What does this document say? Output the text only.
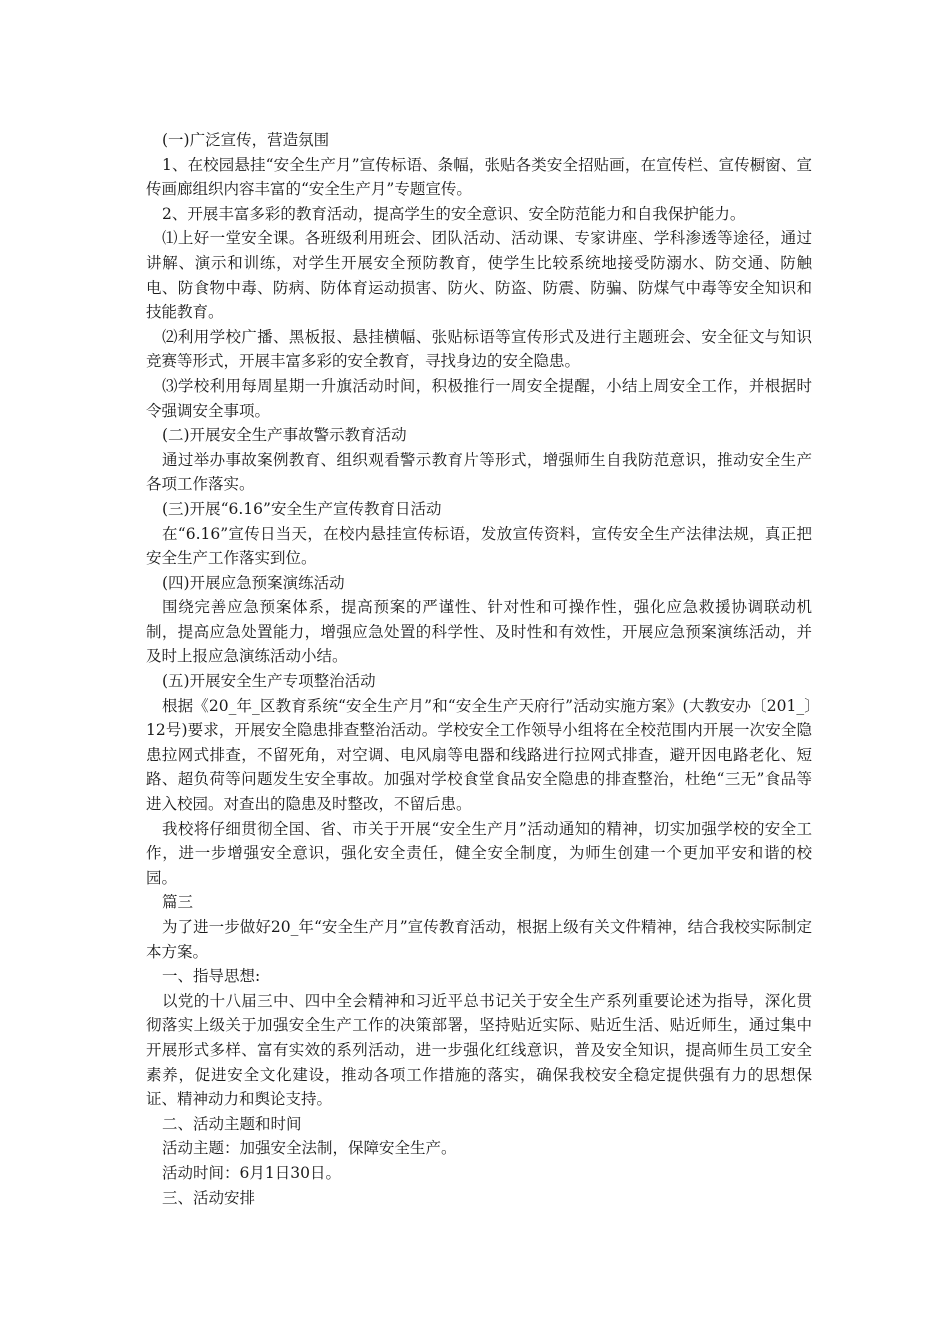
(一)广泛宣传，营造氛围

1、在校园悬挂“安全生产月”宣传标语、条幅，张贴各类安全招贴画，在宣传栏、宣传橱窗、宣传画廊组织内容丰富的“安全生产月”专题宣传。

2、开展丰富多彩的教育活动，提高学生的安全意识、安全防范能力和自我保护能力。

⑴上好一堂安全课。各班级利用班会、团队活动、活动课、专家讲座、学科渗透等途径，通过讲解、演示和训练，对学生开展安全预防教育，使学生比较系统地接受防溺水、防交通、防触电、防食物中毒、防病、防体育运动损害、防火、防盗、防震、防骗、防煤气中毒等安全知识和技能教育。

⑵利用学校广播、黑板报、悬挂横幅、张贴标语等宣传形式及进行主题班会、安全征文与知识竞赛等形式，开展丰富多彩的安全教育，寻找身边的安全隐患。

⑶学校利用每周星期一升旗活动时间，积极推行一周安全提醒，小结上周安全工作，并根据时令强调安全事项。

(二)开展安全生产事故警示教育活动

通过举办事故案例教育、组织观看警示教育片等形式，增强师生自我防范意识，推动安全生产各项工作落实。

(三)开展“6.16”安全生产宣传教育日活动

在“6.16”宣传日当天，在校内悬挂宣传标语，发放宣传资料，宣传安全生产法律法规，真正把安全生产工作落实到位。

(四)开展应急预案演练活动

围绕完善应急预案体系，提高预案的严谨性、针对性和可操作性，强化应急救援协调联动机制，提高应急处置能力，增强应急处置的科学性、及时性和有效性，开展应急预案演练活动，并及时上报应急演练活动小结。

(五)开展安全生产专项整治活动

根据《20_年_区教育系统“安全生产月”和“安全生产天府行”活动实施方案》(大教安办〔201_〕12号)要求，开展安全隐患排查整治活动。学校安全工作领导小组将在全校范围内开展一次安全隐患拉网式排查，不留死角，对空调、电风扇等电器和线路进行拉网式排查，避开因电路老化、短路、超负荷等问题发生安全事故。加强对学校食堂食品安全隐患的排查整治，杜绝“三无”食品等进入校园。对查出的隐患及时整改，不留后患。

我校将仔细贯彻全国、省、市关于开展“安全生产月”活动通知的精神，切实加强学校的安全工作，进一步增强安全意识，强化安全责任，健全安全制度，为师生创建一个更加平安和谐的校园。

篇三

为了进一步做好20_年“安全生产月”宣传教育活动，根据上级有关文件精神，结合我校实际制定本方案。

一、指导思想:

以党的十八届三中、四中全会精神和习近平总书记关于安全生产系列重要论述为指导，深化贯彻落实上级关于加强安全生产工作的决策部署，坚持贴近实际、贴近生活、贴近师生，通过集中开展形式多样、富有实效的系列活动，进一步强化红线意识，普及安全知识，提高师生员工安全素养，促进安全文化建设，推动各项工作措施的落实，确保我校安全稳定提供强有力的思想保证、精神动力和舆论支持。

二、活动主题和时间

活动主题：加强安全法制，保障安全生产。

活动时间：6月1日30日。

三、活动安排
